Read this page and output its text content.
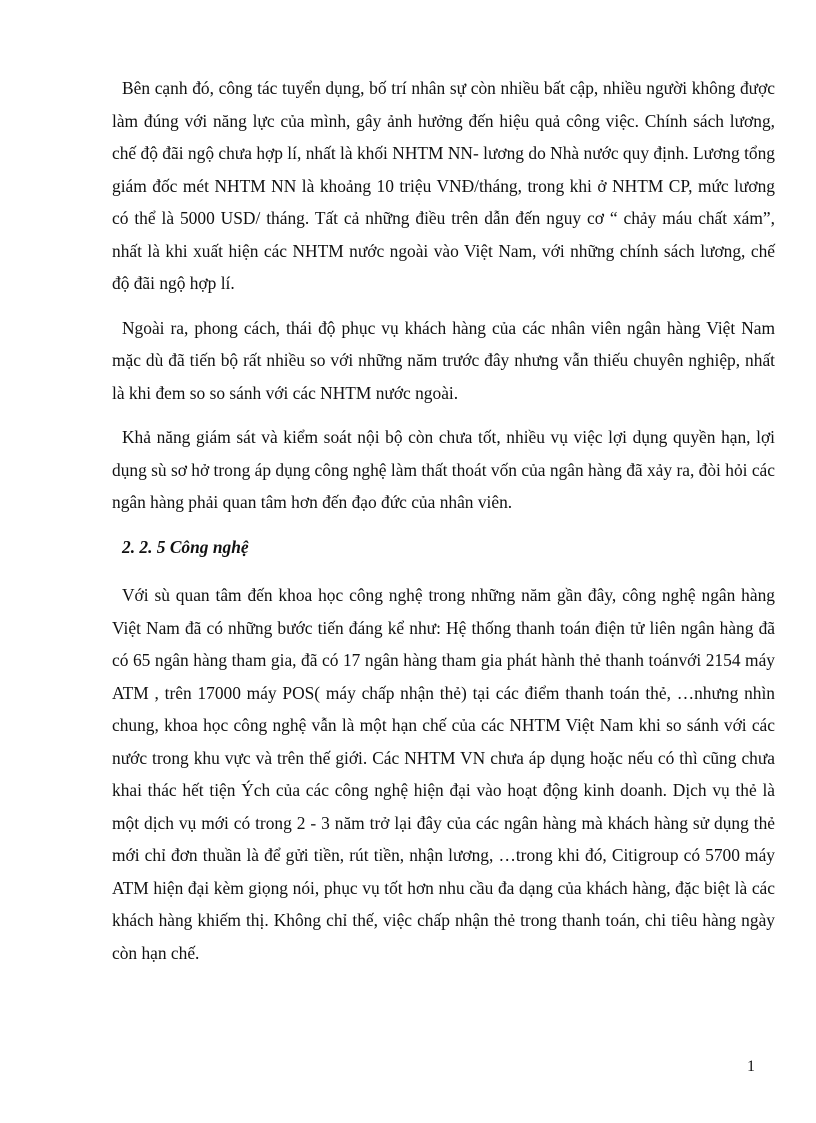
Bên cạnh đó, công tác tuyển dụng, bố trí nhân sự còn nhiều bất cập, nhiều người không được làm đúng với năng lực của mình, gây ảnh hưởng đến hiệu quả công việc. Chính sách lương, chế độ đãi ngộ chưa hợp lí, nhất là khối NHTM NN- lương do Nhà nước quy định. Lương tổng giám đốc mét NHTM NN là khoảng 10 triệu VNĐ/tháng, trong khi ở NHTM CP, mức lương có thể là 5000 USD/ tháng. Tất cả những điều trên dẫn đến nguy cơ “ chảy máu chất xám”, nhất là khi xuất hiện các NHTM nước ngoài vào Việt Nam, với những chính sách lương, chế độ đãi ngộ hợp lí.

Ngoài ra, phong cách, thái độ phục vụ khách hàng của các nhân viên ngân hàng Việt Nam mặc dù đã tiến bộ rất nhiều so với những năm trước đây nhưng vẫn thiếu chuyên nghiệp, nhất là khi đem so so sánh với các NHTM nước ngoài.

Khả năng giám sát và kiểm soát nội bộ còn chưa tốt, nhiều vụ việc lợi dụng quyền hạn, lợi dụng sù sơ hở trong áp dụng công nghệ làm thất thoát vốn của ngân hàng đã xảy ra, đòi hỏi các ngân hàng phải quan tâm hơn đến đạo đức của nhân viên.

2. 2. 5 Công nghệ

Với sù quan tâm đến khoa học công nghệ trong những năm gần đây, công nghệ ngân hàng Việt Nam đã có những bước tiến đáng kể như: Hệ thống thanh toán điện tử liên ngân hàng đã có 65 ngân hàng tham gia, đã có 17 ngân hàng tham gia phát hành thẻ thanh toánvới 2154 máy ATM , trên 17000 máy POS( máy chấp nhận thẻ) tại các điểm thanh toán thẻ, …nhưng nhìn chung, khoa học công nghệ vẫn là một hạn chế của các NHTM Việt Nam khi so sánh với các nước trong khu vực và trên thế giới. Các NHTM VN chưa áp dụng hoặc nếu có thì cũng chưa khai thác hết tiện Ých của các công nghệ hiện đại vào hoạt động kinh doanh. Dịch vụ thẻ là một dịch vụ mới có trong 2 - 3 năm trở lại đây của các ngân hàng mà khách hàng sử dụng thẻ mới chỉ đơn thuần là để gửi tiền, rút tiền, nhận lương, …trong khi đó, Citigroup có 5700 máy ATM hiện đại kèm giọng nói, phục vụ tốt hơn nhu cầu đa dạng của khách hàng, đặc biệt là các khách hàng khiếm thị. Không chỉ thế, việc chấp nhận thẻ trong thanh toán, chi tiêu hàng ngày còn hạn chế.

1
